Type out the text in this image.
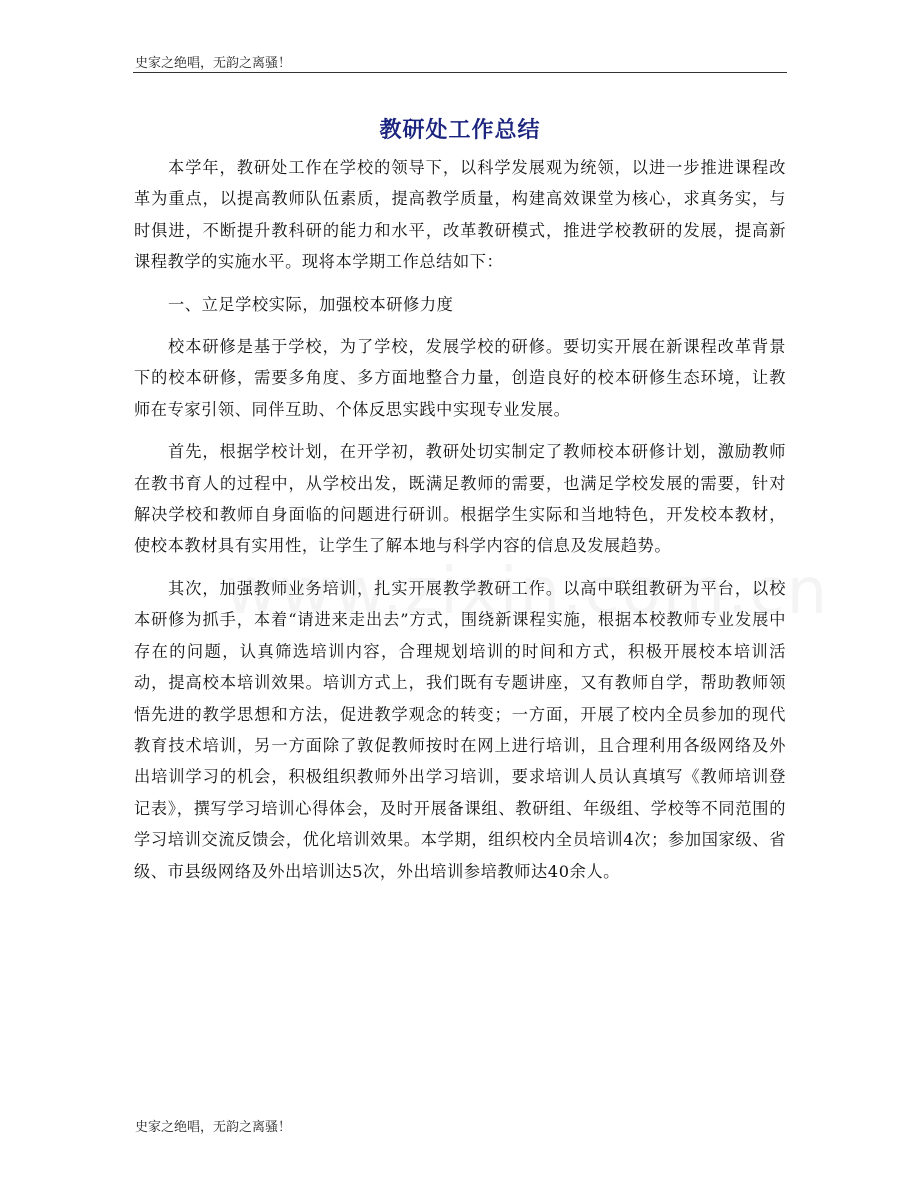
史家之绝唱，无韵之离骚！
教研处工作总结

本学年，教研处工作在学校的领导下，以科学发展观为统领，以进一步推进课程改革为重点，以提高教师队伍素质，提高教学质量，构建高效课堂为核心，求真务实，与时俱进，不断提升教科研的能力和水平，改革教研模式，推进学校教研的发展，提高新课程教学的实施水平。现将本学期工作总结如下：

一、立足学校实际，加强校本研修力度

校本研修是基于学校，为了学校，发展学校的研修。要切实开展在新课程改革背景下的校本研修，需要多角度、多方面地整合力量，创造良好的校本研修生态环境，让教师在专家引领、同伴互助、个体反思实践中实现专业发展。

首先，根据学校计划，在开学初，教研处切实制定了教师校本研修计划，激励教师在教书育人的过程中，从学校出发，既满足教师的需要，也满足学校发展的需要，针对解决学校和教师自身面临的问题进行研训。根据学生实际和当地特色，开发校本教材，使校本教材具有实用性，让学生了解本地与科学内容的信息及发展趋势。

其次，加强教师业务培训，扎实开展教学教研工作。以高中联组教研为平台，以校本研修为抓手，本着“请进来走出去”方式，围绕新课程实施，根据本校教师专业发展中存在的问题，认真筛选培训内容，合理规划培训的时间和方式，积极开展校本培训活动，提高校本培训效果。培训方式上，我们既有专题讲座，又有教师自学，帮助教师领悟先进的教学思想和方法，促进教学观念的转变；一方面，开展了校内全员参加的现代教育技术培训，另一方面除了敦促教师按时在网上进行培训，且合理利用各级网络及外出培训学习的机会，积极组织教师外出学习培训，要求培训人员认真填写《教师培训登记表》，撰写学习培训心得体会，及时开展备课组、教研组、年级组、学校等不同范围的学习培训交流反馈会，优化培训效果。本学期，组织校内全员培训4次；参加国家级、省级、市县级网络及外出培训达5次，外出培训参培教师达40余人。

史家之绝唱，无韵之离骚！
